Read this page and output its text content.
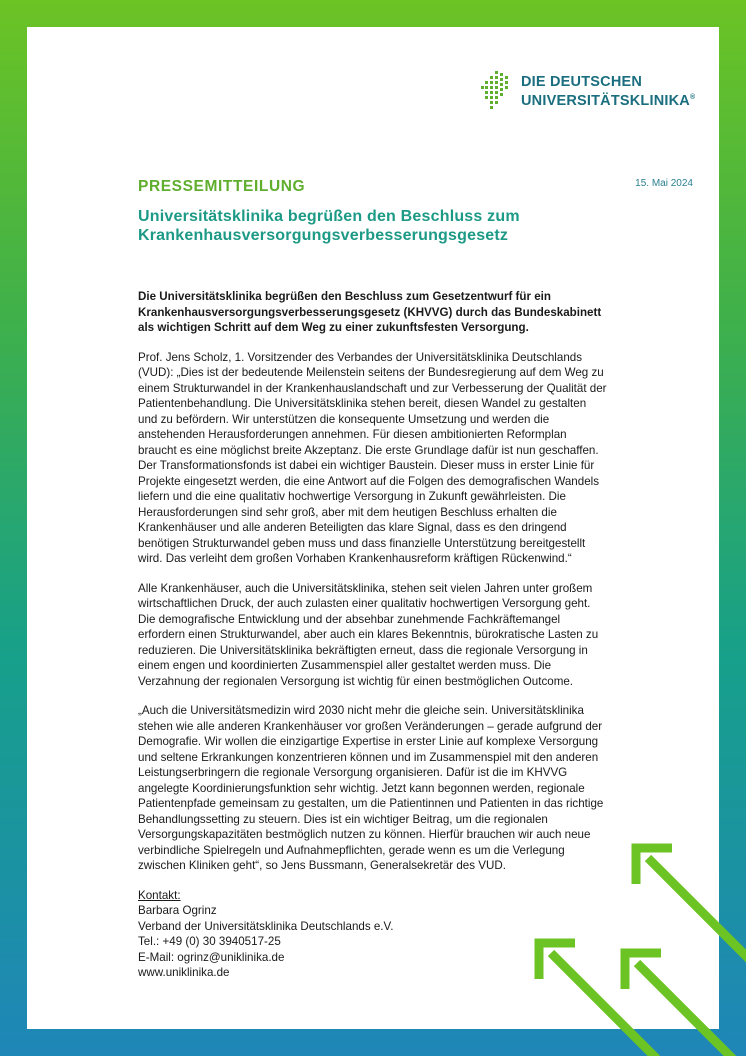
DIE DEUTSCHEN
UNIVERSITÄTSKLINIKA®
15. Mai 2024
PRESSEMITTEILUNG
Universitätsklinika begrüßen den Beschluss zum
Krankenhausversorgungsverbesserungsgesetz

Die Universitätsklinika begrüßen den Beschluss zum Gesetzentwurf für ein Krankenhausversorgungsverbesserungsgesetz (KHVVG) durch das Bundeskabinett als wichtigen Schritt auf dem Weg zu einer zukunftsfesten Versorgung.

Prof. Jens Scholz, 1. Vorsitzender des Verbandes der Universitätsklinika Deutschlands (VUD): „Dies ist der bedeutende Meilenstein seitens der Bundesregierung auf dem Weg zu einem Strukturwandel in der Krankenhauslandschaft und zur Verbesserung der Qualität der Patientenbehandlung. Die Universitätsklinika stehen bereit, diesen Wandel zu gestalten und zu befördern. Wir unterstützen die konsequente Umsetzung und werden die anstehenden Herausforderungen annehmen. Für diesen ambitionierten Reformplan braucht es eine möglichst breite Akzeptanz. Die erste Grundlage dafür ist nun geschaffen. Der Transformationsfonds ist dabei ein wichtiger Baustein. Dieser muss in erster Linie für Projekte eingesetzt werden, die eine Antwort auf die Folgen des demografischen Wandels liefern und die eine qualitativ hochwertige Versorgung in Zukunft gewährleisten. Die Herausforderungen sind sehr groß, aber mit dem heutigen Beschluss erhalten die Krankenhäuser und alle anderen Beteiligten das klare Signal, dass es den dringend benötigen Strukturwandel geben muss und dass finanzielle Unterstützung bereitgestellt wird. Das verleiht dem großen Vorhaben Krankenhausreform kräftigen Rückenwind.“

Alle Krankenhäuser, auch die Universitätsklinika, stehen seit vielen Jahren unter großem wirtschaftlichen Druck, der auch zulasten einer qualitativ hochwertigen Versorgung geht. Die demografische Entwicklung und der absehbar zunehmende Fachkräftemangel erfordern einen Strukturwandel, aber auch ein klares Bekenntnis, bürokratische Lasten zu reduzieren. Die Universitätsklinika bekräftigten erneut, dass die regionale Versorgung in einem engen und koordinierten Zusammenspiel aller gestaltet werden muss. Die Verzahnung der regionalen Versorgung ist wichtig für einen bestmöglichen Outcome.

„Auch die Universitätsmedizin wird 2030 nicht mehr die gleiche sein. Universitätsklinika stehen wie alle anderen Krankenhäuser vor großen Veränderungen – gerade aufgrund der Demografie. Wir wollen die einzigartige Expertise in erster Linie auf komplexe Versorgung und seltene Erkrankungen konzentrieren können und im Zusammenspiel mit den anderen Leistungserbringern die regionale Versorgung organisieren. Dafür ist die im KHVVG angelegte Koordinierungsfunktion sehr wichtig. Jetzt kann begonnen werden, regionale Patientenpfade gemeinsam zu gestalten, um die Patientinnen und Patienten in das richtige Behandlungssetting zu steuern. Dies ist ein wichtiger Beitrag, um die regionalen Versorgungskapazitäten bestmöglich nutzen zu können. Hierfür brauchen wir auch neue verbindliche Spielregeln und Aufnahmepflichten, gerade wenn es um die Verlegung zwischen Kliniken geht“, so Jens Bussmann, Generalsekretär des VUD.

Kontakt:
Barbara Ogrinz
Verband der Universitätsklinika Deutschlands e.V.
Tel.: +49 (0) 30 3940517-25
E-Mail: ogrinz@uniklinika.de
www.uniklinika.de
